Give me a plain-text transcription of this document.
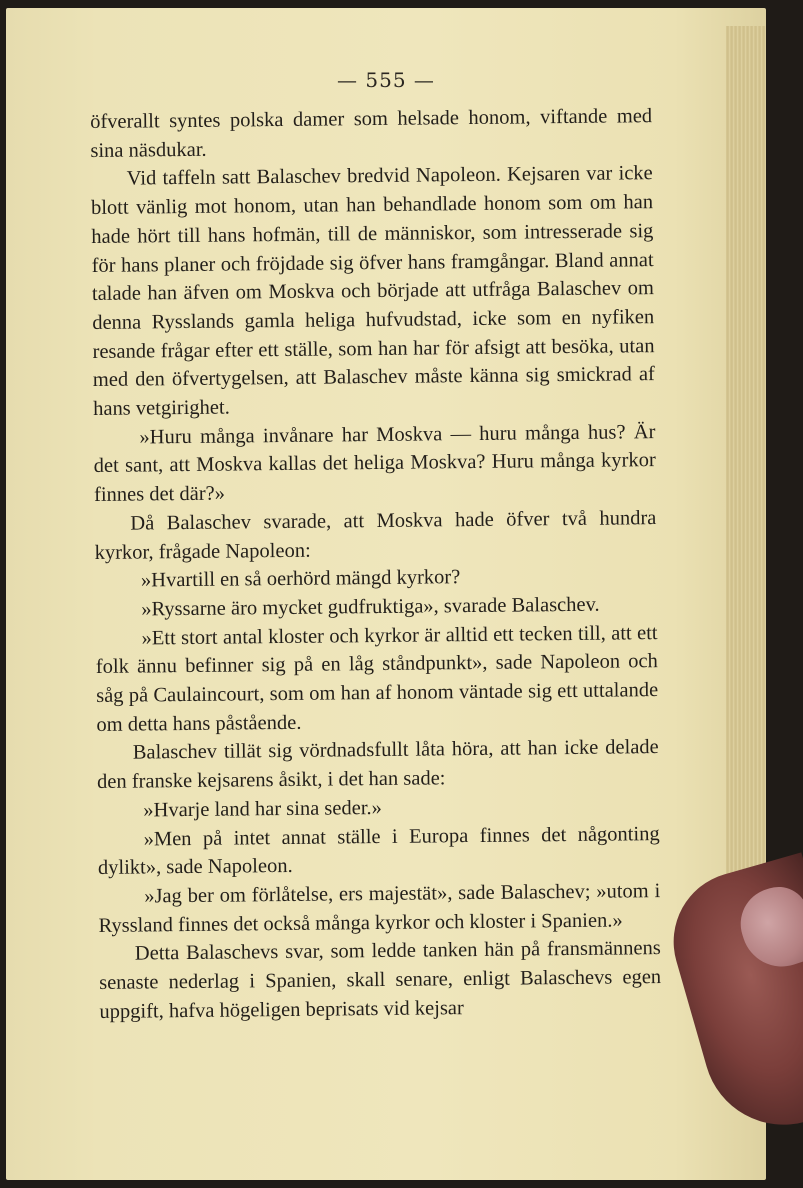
— 555 —

öfverallt syntes polska damer som helsade honom, viftande med sina näsdukar.

Vid taffeln satt Balaschev bredvid Napoleon. Kejsaren var icke blott vänlig mot honom, utan han behandlade honom som om han hade hört till hans hofmän, till de människor, som intresserade sig för hans planer och fröjdade sig öfver hans framgångar. Bland annat talade han äfven om Moskva och började att utfråga Balaschev om denna Rysslands gamla heliga hufvudstad, icke som en nyfiken resande frågar efter ett ställe, som han har för afsigt att besöka, utan med den öfvertygelsen, att Balaschev måste känna sig smickrad af hans vetgirighet.

»Huru många invånare har Moskva — huru många hus? Är det sant, att Moskva kallas det heliga Moskva? Huru många kyrkor finnes det där?»

Då Balaschev svarade, att Moskva hade öfver två hundra kyrkor, frågade Napoleon:

»Hvartill en så oerhörd mängd kyrkor?

»Ryssarne äro mycket gudfruktiga», svarade Balaschev.

»Ett stort antal kloster och kyrkor är alltid ett tecken till, att ett folk ännu befinner sig på en låg ståndpunkt», sade Napoleon och såg på Caulaincourt, som om han af honom väntade sig ett uttalande om detta hans påstående.

Balaschev tillät sig vördnadsfullt låta höra, att han icke delade den franske kejsarens åsikt, i det han sade:

»Hvarje land har sina seder.»

»Men på intet annat ställe i Europa finnes det någonting dylikt», sade Napoleon.

»Jag ber om förlåtelse, ers majestät», sade Balaschev; »utom i Ryssland finnes det också många kyrkor och kloster i Spanien.»

Detta Balaschevs svar, som ledde tanken hän på fransmännens senaste nederlag i Spanien, skall senare, enligt Balaschevs egen uppgift, hafva högeligen beprisats vid kejsar
